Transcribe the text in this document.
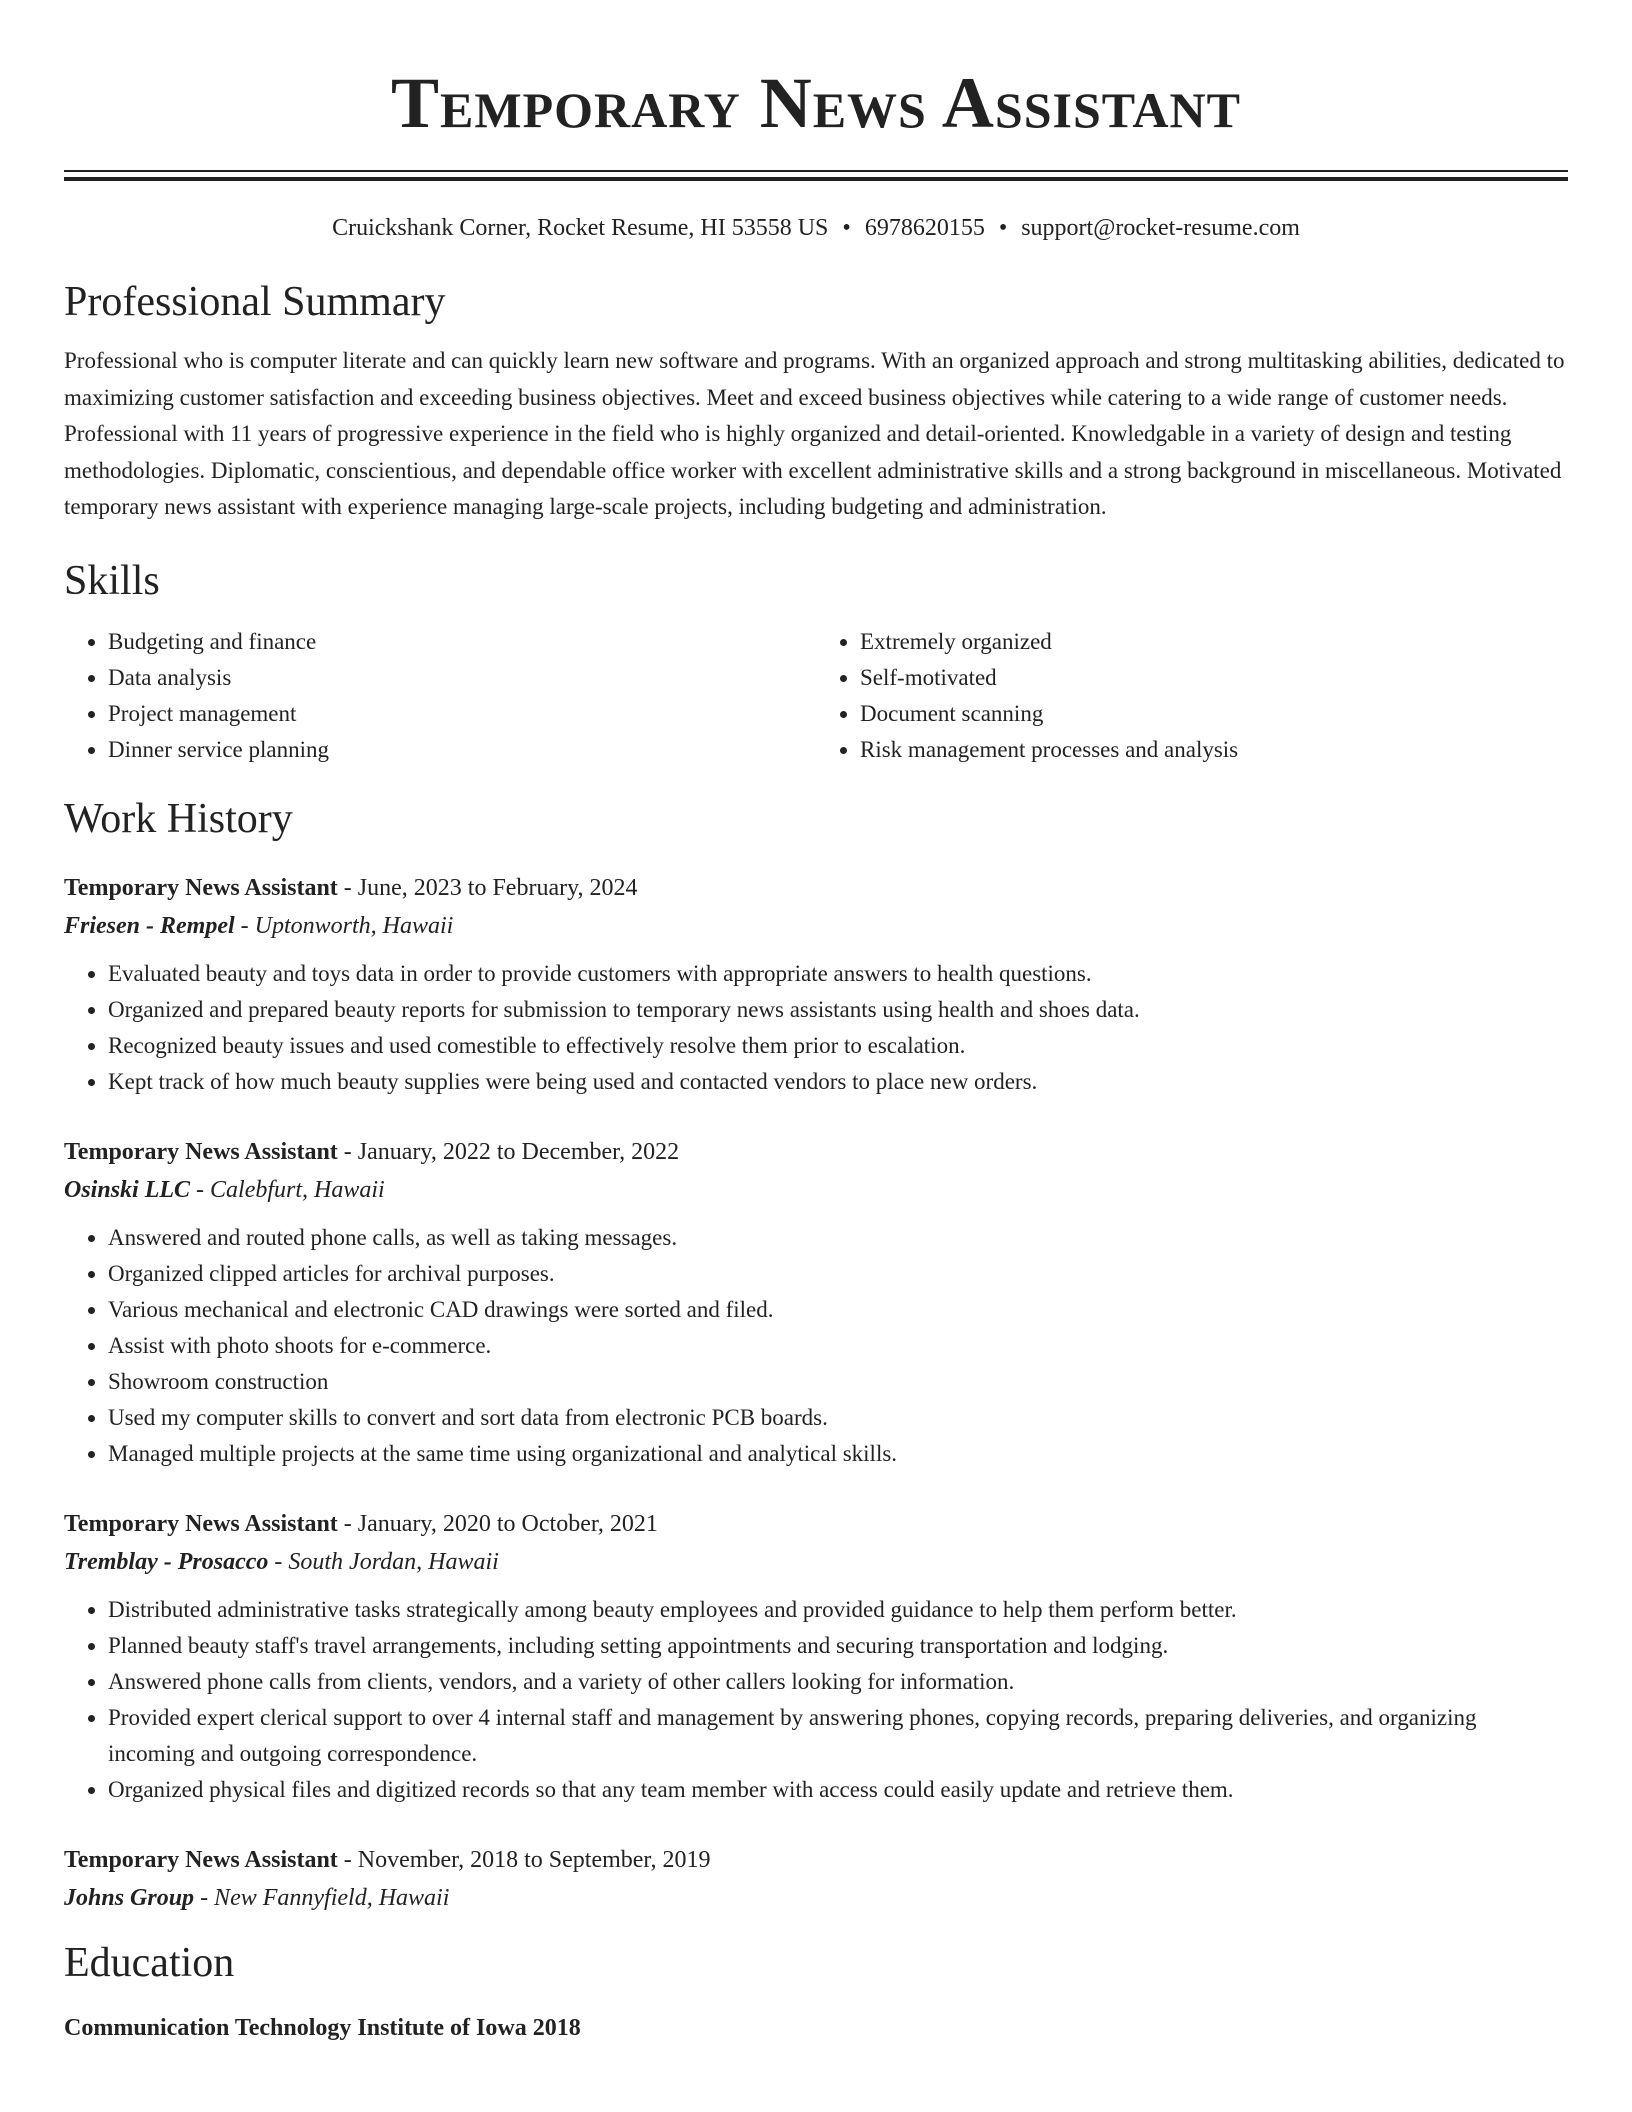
Temporary News Assistant
Cruickshank Corner, Rocket Resume, HI 53558 US • 6978620155 • support@rocket-resume.com
Professional Summary
Professional who is computer literate and can quickly learn new software and programs. With an organized approach and strong multitasking abilities, dedicated to maximizing customer satisfaction and exceeding business objectives. Meet and exceed business objectives while catering to a wide range of customer needs. Professional with 11 years of progressive experience in the field who is highly organized and detail-oriented. Knowledgable in a variety of design and testing methodologies. Diplomatic, conscientious, and dependable office worker with excellent administrative skills and a strong background in miscellaneous. Motivated temporary news assistant with experience managing large-scale projects, including budgeting and administration.
Skills
• Budgeting and finance
• Data analysis
• Project management
• Dinner service planning
• Extremely organized
• Self-motivated
• Document scanning
• Risk management processes and analysis
Work History
Temporary News Assistant - June, 2023 to February, 2024
Friesen - Rempel - Uptonworth, Hawaii
• Evaluated beauty and toys data in order to provide customers with appropriate answers to health questions.
• Organized and prepared beauty reports for submission to temporary news assistants using health and shoes data.
• Recognized beauty issues and used comestible to effectively resolve them prior to escalation.
• Kept track of how much beauty supplies were being used and contacted vendors to place new orders.
Temporary News Assistant - January, 2022 to December, 2022
Osinski LLC - Calebfurt, Hawaii
• Answered and routed phone calls, as well as taking messages.
• Organized clipped articles for archival purposes.
• Various mechanical and electronic CAD drawings were sorted and filed.
• Assist with photo shoots for e-commerce.
• Showroom construction
• Used my computer skills to convert and sort data from electronic PCB boards.
• Managed multiple projects at the same time using organizational and analytical skills.
Temporary News Assistant - January, 2020 to October, 2021
Tremblay - Prosacco - South Jordan, Hawaii
• Distributed administrative tasks strategically among beauty employees and provided guidance to help them perform better.
• Planned beauty staff's travel arrangements, including setting appointments and securing transportation and lodging.
• Answered phone calls from clients, vendors, and a variety of other callers looking for information.
• Provided expert clerical support to over 4 internal staff and management by answering phones, copying records, preparing deliveries, and organizing incoming and outgoing correspondence.
• Organized physical files and digitized records so that any team member with access could easily update and retrieve them.
Temporary News Assistant - November, 2018 to September, 2019
Johns Group - New Fannyfield, Hawaii
Education
Communication Technology Institute of Iowa 2018
